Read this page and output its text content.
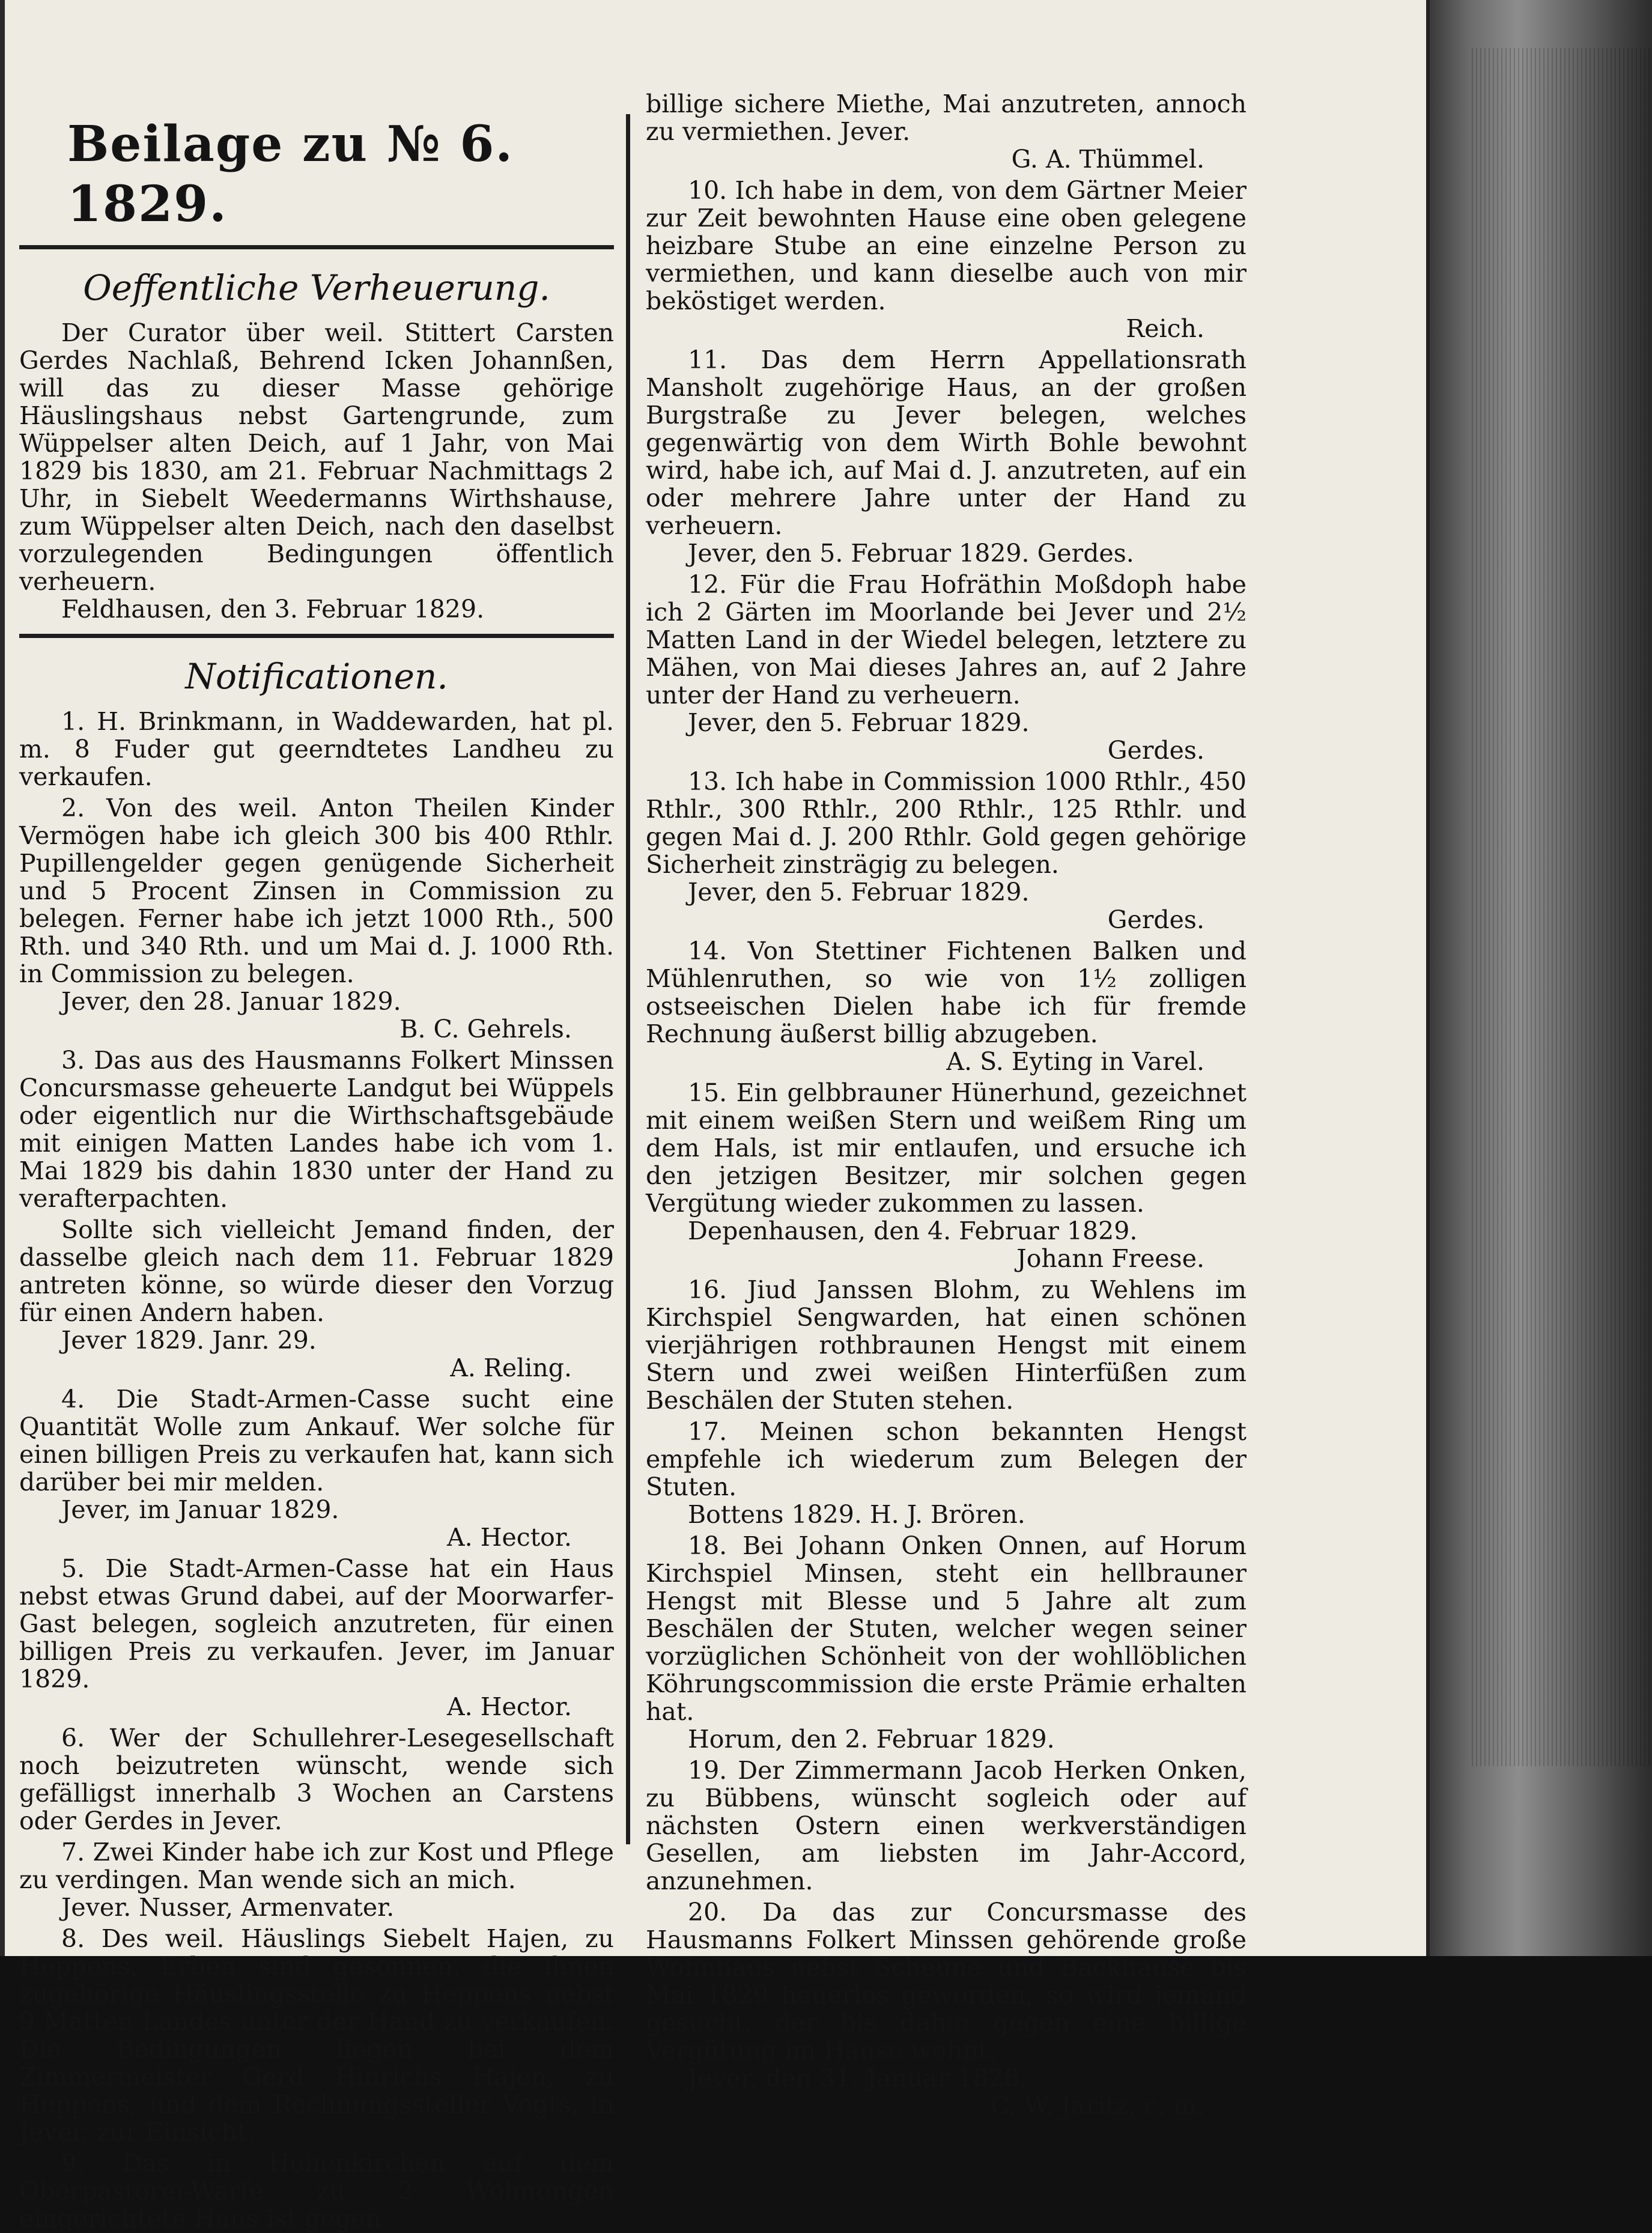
Beilage zu № 6. 1829.
Oeffentliche Verheuerung.

Der Curator über weil. Stittert Carsten Gerdes Nachlaß, Behrend Icken Johannßen, will das zu dieser Masse gehörige Häuslingshaus nebst Gartengrunde, zum Wüppelser alten Deich, auf 1 Jahr, von Mai 1829 bis 1830, am 21. Februar Nachmittags 2 Uhr, in Siebelt Weedermanns Wirthshause, zum Wüppelser alten Deich, nach den daselbst vorzulegenden Bedingungen öffentlich verheuern.

Feldhausen, den 3. Februar 1829.

Notificationen.

1. H. Brinkmann, in Waddewarden, hat pl. m. 8 Fuder gut geerndtetes Landheu zu verkaufen.

2. Von des weil. Anton Theilen Kinder Vermögen habe ich gleich 300 bis 400 Rthlr. Pupillengelder gegen genügende Sicherheit und 5 Procent Zinsen in Commission zu belegen. Ferner habe ich jetzt 1000 Rth., 500 Rth. und 340 Rth. und um Mai d. J. 1000 Rth. in Commission zu belegen.

Jever, den 28. Januar 1829.

B. C. Gehrels.

3. Das aus des Hausmanns Folkert Minssen Concursmasse geheuerte Landgut bei Wüppels oder eigentlich nur die Wirthschaftsgebäude mit einigen Matten Landes habe ich vom 1. Mai 1829 bis dahin 1830 unter der Hand zu verafterpachten.

Sollte sich vielleicht Jemand finden, der dasselbe gleich nach dem 11. Februar 1829 antreten könne, so würde dieser den Vorzug für einen Andern haben.

Jever 1829. Janr. 29.

A. Reling.

4. Die Stadt-Armen-Casse sucht eine Quantität Wolle zum Ankauf. Wer solche für einen billigen Preis zu verkaufen hat, kann sich darüber bei mir melden.

Jever, im Januar 1829.

A. Hector.

5. Die Stadt-Armen-Casse hat ein Haus nebst etwas Grund dabei, auf der Moorwarfer-Gast belegen, sogleich anzutreten, für einen billigen Preis zu verkaufen. Jever, im Januar 1829.

A. Hector.

6. Wer der Schullehrer-Lesegesellschaft noch beizutreten wünscht, wende sich gefälligst innerhalb 3 Wochen an Carstens oder Gerdes in Jever.

7. Zwei Kinder habe ich zur Kost und Pflege zu verdingen. Man wende sich an mich.

Jever. Nusser, Armenvater.

8. Des weil. Häuslings Siebelt Hajen, zu Heppens, Erben sind gesonnen, die ihnen zugehörige Häuslingsstelle zu Heppens nebst 9 Matten Landes unter der Hand zu verkaufen. Die Bedingungen liegen bei dem Zimmermeister Gerd Hinrichs Hajen, zu Heppens, und dem Rechnungssteller Vogts, in Jever, zur Einsicht.

9. Das in Hohenkirchen auf dem Oberpastorei-Warfe zu 2 Wohnungen eingerichtete Haus ist gegen

billige sichere Miethe, Mai anzutreten, annoch zu vermiethen. Jever.

G. A. Thümmel.

10. Ich habe in dem, von dem Gärtner Meier zur Zeit bewohnten Hause eine oben gelegene heizbare Stube an eine einzelne Person zu vermiethen, und kann dieselbe auch von mir beköstiget werden.

Reich.

11. Das dem Herrn Appellationsrath Mansholt zugehörige Haus, an der großen Burgstraße zu Jever belegen, welches gegenwärtig von dem Wirth Bohle bewohnt wird, habe ich, auf Mai d. J. anzutreten, auf ein oder mehrere Jahre unter der Hand zu verheuern.

Jever, den 5. Februar 1829. Gerdes.

12. Für die Frau Hofräthin Moßdoph habe ich 2 Gärten im Moorlande bei Jever und 2½ Matten Land in der Wiedel belegen, letztere zu Mähen, von Mai dieses Jahres an, auf 2 Jahre unter der Hand zu verheuern.

Jever, den 5. Februar 1829.

Gerdes.

13. Ich habe in Commission 1000 Rthlr., 450 Rthlr., 300 Rthlr., 200 Rthlr., 125 Rthlr. und gegen Mai d. J. 200 Rthlr. Gold gegen gehörige Sicherheit zinsträgig zu belegen.

Jever, den 5. Februar 1829.

Gerdes.

14. Von Stettiner Fichtenen Balken und Mühlenruthen, so wie von 1½ zolligen ostseeischen Dielen habe ich für fremde Rechnung äußerst billig abzugeben.

A. S. Eyting in Varel.

15. Ein gelbbrauner Hünerhund, gezeichnet mit einem weißen Stern und weißem Ring um dem Hals, ist mir entlaufen, und ersuche ich den jetzigen Besitzer, mir solchen gegen Vergütung wieder zukommen zu lassen.

Depenhausen, den 4. Februar 1829.

Johann Freese.

16. Jiud Janssen Blohm, zu Wehlens im Kirchspiel Sengwarden, hat einen schönen vierjährigen rothbraunen Hengst mit einem Stern und zwei weißen Hinterfüßen zum Beschälen der Stuten stehen.

17. Meinen schon bekannten Hengst empfehle ich wiederum zum Belegen der Stuten.

Bottens 1829. H. J. Brören.

18. Bei Johann Onken Onnen, auf Horum Kirchspiel Minsen, steht ein hellbrauner Hengst mit Blesse und 5 Jahre alt zum Beschälen der Stuten, welcher wegen seiner vorzüglichen Schönheit von der wohllöblichen Köhrungscommission die erste Prämie erhalten hat.

Horum, den 2. Februar 1829.

19. Der Zimmermann Jacob Herken Onken, zu Bübbens, wünscht sogleich oder auf nächsten Ostern einen werkverständigen Gesellen, am liebsten im Jahr-Accord, anzunehmen.

20. Da das zur Concursmasse des Hausmanns Folkert Minssen gehörende große Wohnhaus nebst Scheune und Backhause bis Mai 1829 heuerlos geworden, so wird jemand gesucht, der bis dahin gegen eine billige Vergütung im Hause wohnt.

Jever, den 31. Januar 1828.

C. W. Jaritz, c. m.
